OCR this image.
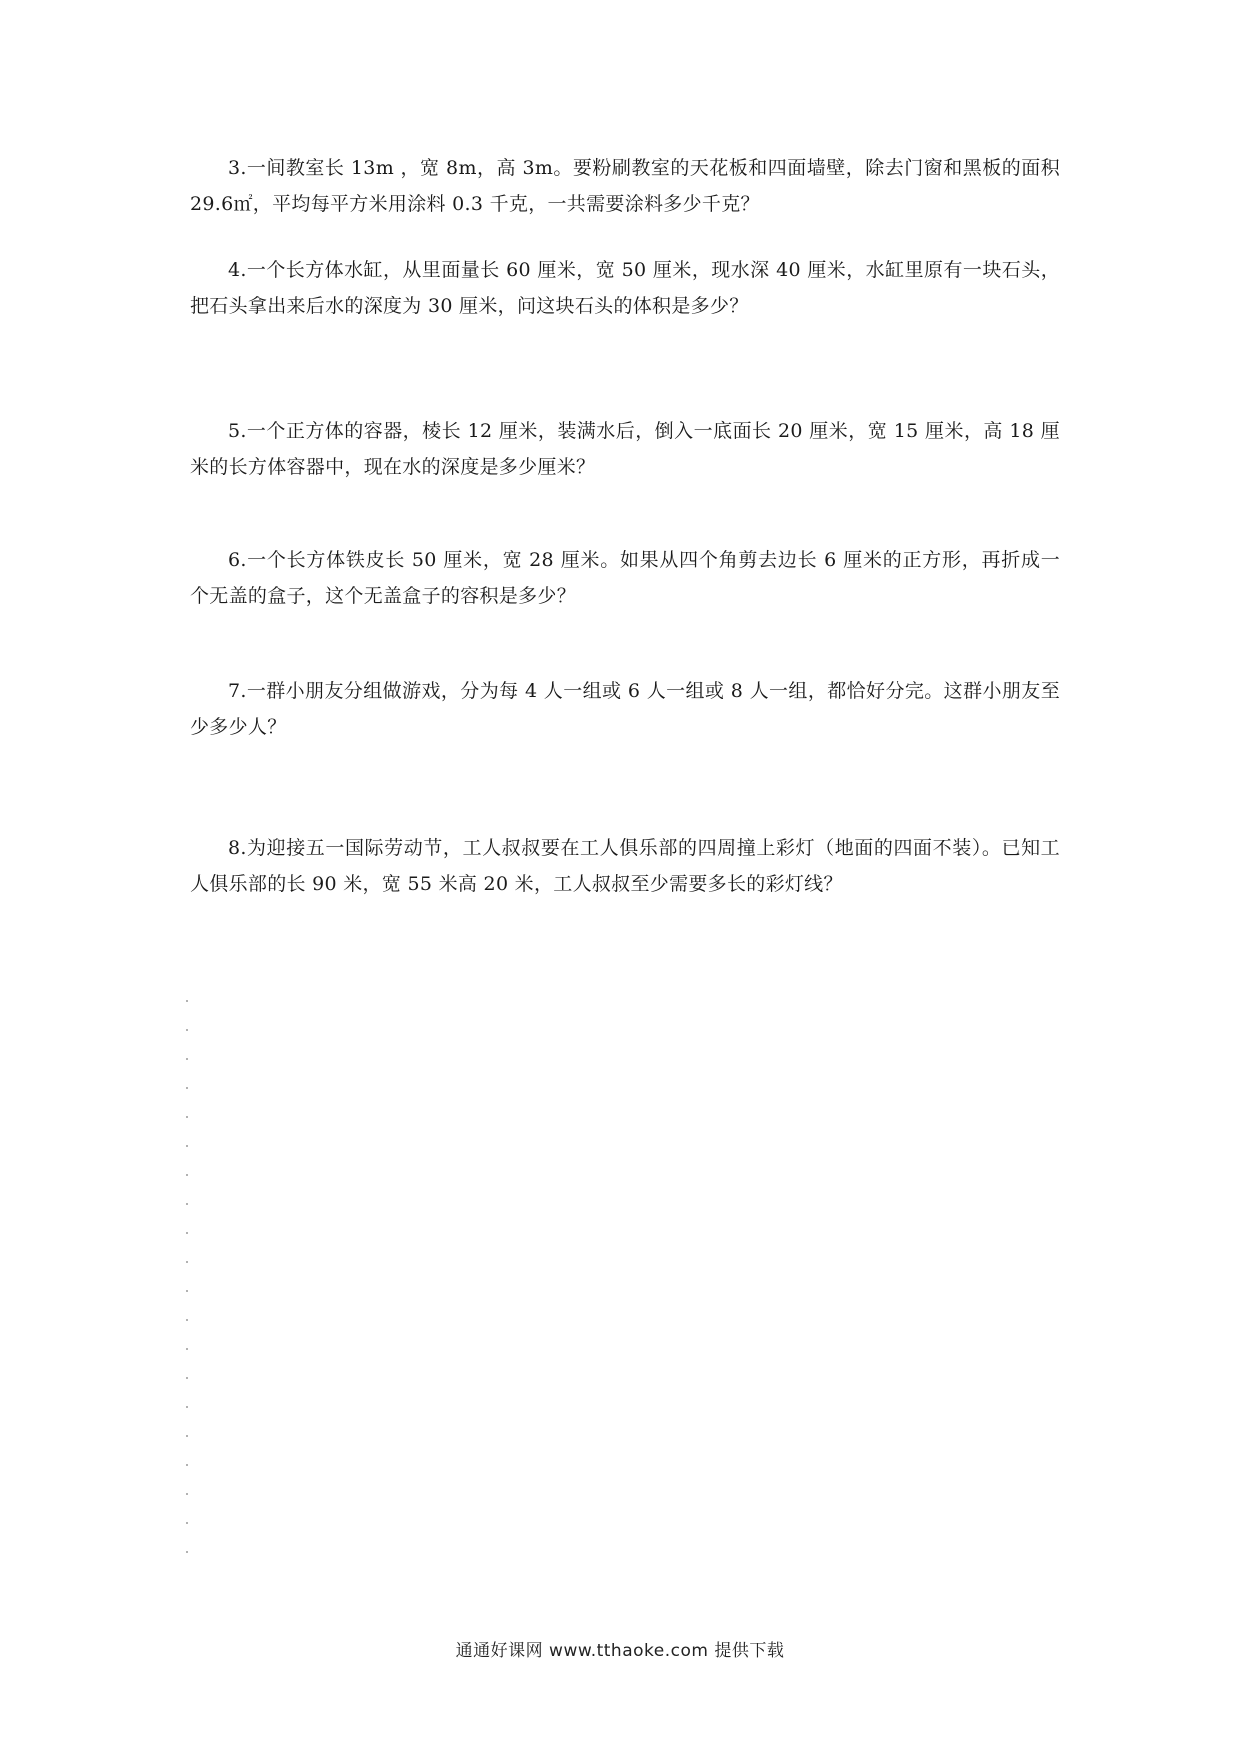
3.一间教室长 13m ，宽 8m，高 3m。要粉刷教室的天花板和四面墙壁，除去门窗和黑板的面积 29.6㎡，平均每平方米用涂料 0.3 千克，一共需要涂料多少千克？

4.一个长方体水缸，从里面量长 60 厘米，宽 50 厘米，现水深 40 厘米，水缸里原有一块石头，把石头拿出来后水的深度为 30 厘米，问这块石头的体积是多少？

5.一个正方体的容器，棱长 12 厘米，装满水后，倒入一底面长 20 厘米，宽 15 厘米，高 18 厘米的长方体容器中，现在水的深度是多少厘米？

6.一个长方体铁皮长 50 厘米，宽 28 厘米。如果从四个角剪去边长 6 厘米的正方形，再折成一个无盖的盒子，这个无盖盒子的容积是多少？

7.一群小朋友分组做游戏，分为每 4 人一组或 6 人一组或 8 人一组，都恰好分完。这群小朋友至少多少人？

8.为迎接五一国际劳动节，工人叔叔要在工人俱乐部的四周撞上彩灯（地面的四面不装）。已知工人俱乐部的长 90 米，宽 55 米高 20 米，工人叔叔至少需要多长的彩灯线？

通通好课网 www.tthaoke.com 提供下载
